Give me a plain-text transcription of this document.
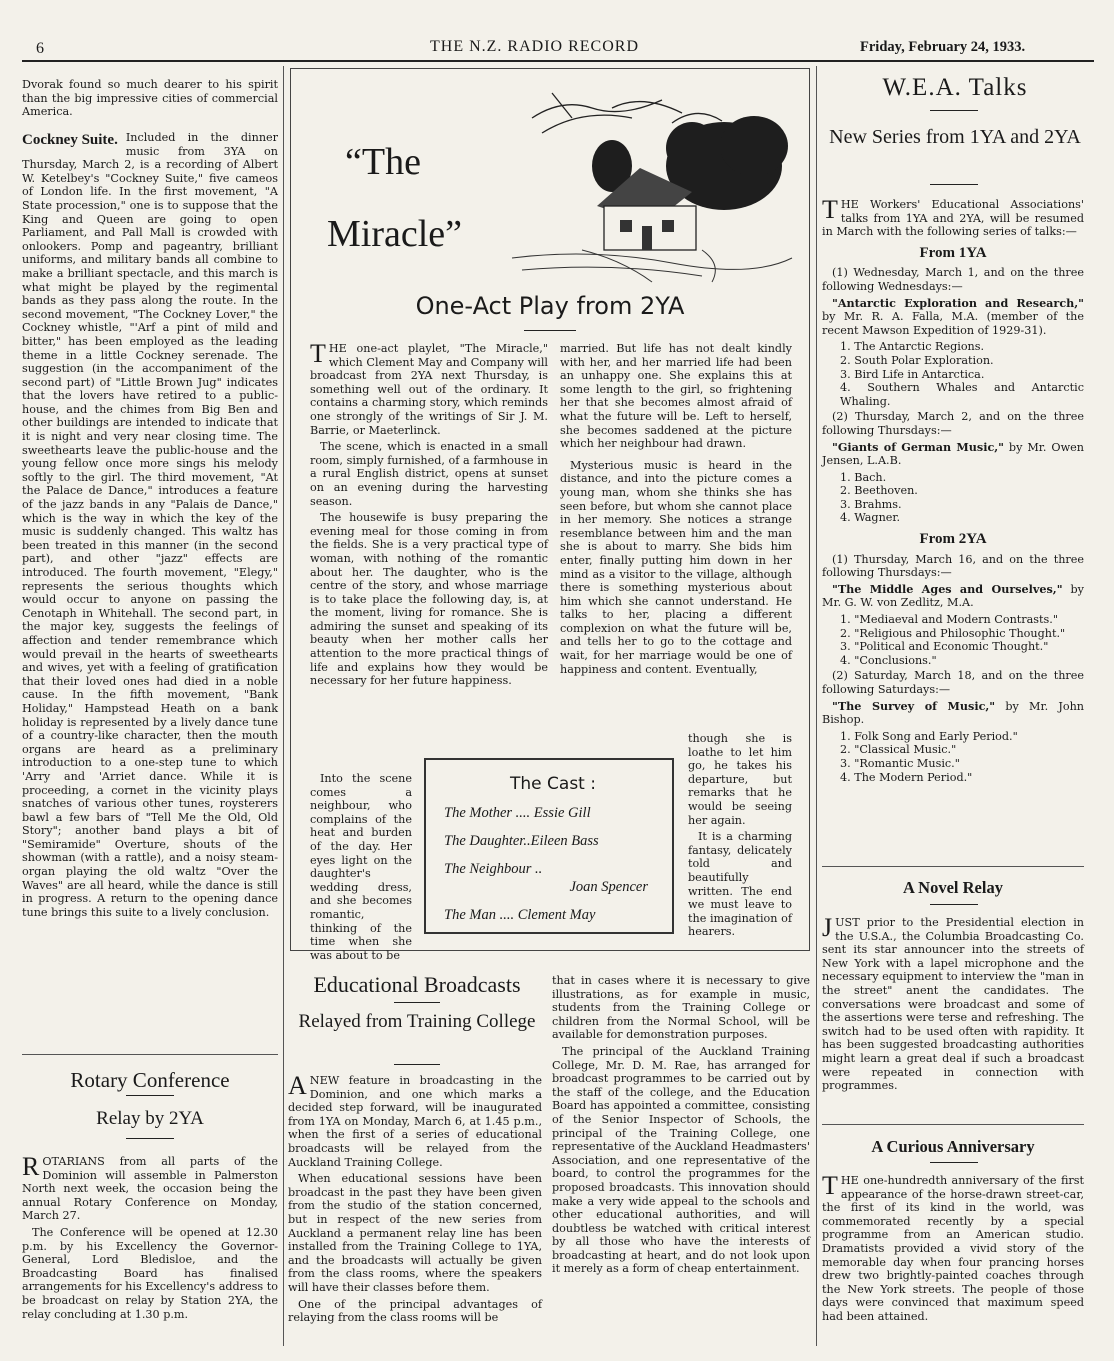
6	THE N.Z. RADIO RECORD	Friday, February 24, 1933.

Dvorak found so much dearer to his spirit than the big impressive cities of commercial America.

Cockney Suite. Included in the dinner music from 3YA on Thursday, March 2, is a recording of Albert W. Ketelbey's "Cockney Suite," five cameos of London life. In the first movement, "A State procession," one is to suppose that the King and Queen are going to open Parliament, and Pall Mall is crowded with onlookers. Pomp and pageantry, brilliant uniforms, and military bands all combine to make a brilliant spectacle, and this march is what might be played by the regimental bands as they pass along the route. In the second movement, "The Cockney Lover," the Cockney whistle, "'Arf a pint of mild and bitter," has been employed as the leading theme in a little Cockney serenade. The suggestion (in the accompaniment of the second part) of "Little Brown Jug" indicates that the lovers have retired to a public-house, and the chimes from Big Ben and other buildings are intended to indicate that it is night and very near closing time. The sweethearts leave the public-house and the young fellow once more sings his melody softly to the girl. The third movement, "At the Palace de Dance," introduces a feature of the jazz bands in any "Palais de Dance," which is the way in which the key of the music is suddenly changed. This waltz has been treated in this manner (in the second part), and other "jazz" effects are introduced. The fourth movement, "Elegy," represents the serious thoughts which would occur to anyone on passing the Cenotaph in Whitehall. The second part, in the major key, suggests the feelings of affection and tender remembrance which would prevail in the hearts of sweethearts and wives, yet with a feeling of gratification that their loved ones had died in a noble cause. In the fifth movement, "Bank Holiday," Hampstead Heath on a bank holiday is represented by a lively dance tune of a country-like character, then the mouth organs are heard as a preliminary introduction to a one-step tune to which 'Arry and 'Arriet dance. While it is proceeding, a cornet in the vicinity plays snatches of various other tunes, roysterers bawl a few bars of "Tell Me the Old, Old Story"; another band plays a bit of "Semiramide" Overture, shouts of the showman (with a rattle), and a noisy steam-organ playing the old waltz "Over the Waves" are all heard, while the dance is still in progress. A return to the opening dance tune brings this suite to a lively conclusion.

Rotary Conference
Relay by 2YA

ROTARIANS from all parts of the Dominion will assemble in Palmerston North next week, the occasion being the annual Rotary Conference on Monday, March 27.

The Conference will be opened at 12.30 p.m. by his Excellency the Governor-General, Lord Bledisloe, and the Broadcasting Board has finalised arrangements for his Excellency's address to be broadcast on relay by Station 2YA, the relay concluding at 1.30 p.m.

“The
Miracle”
One-Act Play from 2YA

THE one-act playlet, "The Miracle," which Clement May and Company will broadcast from 2YA next Thursday, is something well out of the ordinary. It contains a charming story, which reminds one strongly of the writings of Sir J. M. Barrie, or Maeterlinck.

The scene, which is enacted in a small room, simply furnished, of a farmhouse in a rural English district, opens at sunset on an evening during the harvesting season.

The housewife is busy preparing the evening meal for those coming in from the fields. She is a very practical type of woman, with nothing of the romantic about her. The daughter, who is the centre of the story, and whose marriage is to take place the following day, is, at the moment, living for romance. She is admiring the sunset and speaking of its beauty when her mother calls her attention to the more practical things of life and explains how they would be necessary for her future happiness.

Into the scene comes a neighbour, who complains of the heat and burden of the day. Her eyes light on the daughter's wedding dress, and she becomes romantic, thinking of the time when she was about to be

married. But life has not dealt kindly with her, and her married life had been an unhappy one. She explains this at some length to the girl, so frightening her that she becomes almost afraid of what the future will be. Left to herself, she becomes saddened at the picture which her neighbour had drawn.

Mysterious music is heard in the distance, and into the picture comes a young man, whom she thinks she has seen before, but whom she cannot place in her memory. She notices a strange resemblance between him and the man she is about to marry. She bids him enter, finally putting him down in her mind as a visitor to the village, although there is something mysterious about him which she cannot understand. He talks to her, placing a different complexion on what the future will be, and tells her to go to the cottage and wait, for her marriage would be one of happiness and content. Eventually,

though she is loathe to let him go, he takes his departure, but remarks that he would be seeing her again.

It is a charming fantasy, delicately told and beautifully written. The end we must leave to the imagination of hearers.

The Cast :
The Mother .... Essie Gill
The Daughter..Eileen Bass
The Neighbour ..
Joan Spencer
The Man .... Clement May
Educational Broadcasts
Relayed from Training College

ANEW feature in broadcasting in the Dominion, and one which marks a decided step forward, will be inaugurated from 1YA on Monday, March 6, at 1.45 p.m., when the first of a series of educational broadcasts will be relayed from the Auckland Training College.

When educational sessions have been broadcast in the past they have been given from the studio of the station concerned, but in respect of the new series from Auckland a permanent relay line has been installed from the Training College to 1YA, and the broadcasts will actually be given from the class rooms, where the speakers will have their classes before them.

One of the principal advantages of relaying from the class rooms will be

that in cases where it is necessary to give illustrations, as for example in music, students from the Training College or children from the Normal School, will be available for demonstration purposes.

The principal of the Auckland Training College, Mr. D. M. Rae, has arranged for broadcast programmes to be carried out by the staff of the college, and the Education Board has appointed a committee, consisting of the Senior Inspector of Schools, the principal of the Training College, one representative of the Auckland Headmasters' Association, and one representative of the board, to control the programmes for the proposed broadcasts. This innovation should make a very wide appeal to the schools and other educational authorities, and will doubtless be watched with critical interest by all those who have the interests of broadcasting at heart, and do not look upon it merely as a form of cheap entertainment.

W.E.A. Talks
New Series from 1YA and 2YA

THE Workers' Educational Associations' talks from 1YA and 2YA, will be resumed in March with the following series of talks:—

From 1YA

(1) Wednesday, March 1, and on the three following Wednesdays:—

"Antarctic Exploration and Research," by Mr. R. A. Falla, M.A. (member of the recent Mawson Expedition of 1929-31).

1. The Antarctic Regions.
2. South Polar Exploration.
3. Bird Life in Antarctica.
4. Southern Whales and Antarctic Whaling.

(2) Thursday, March 2, and on the three following Thursdays:—

"Giants of German Music," by Mr. Owen Jensen, L.A.B.

1. Bach.
2. Beethoven.
3. Brahms.
4. Wagner.
From 2YA

(1) Thursday, March 16, and on the three following Thursdays:—

"The Middle Ages and Ourselves," by Mr. G. W. von Zedlitz, M.A.

1. "Mediaeval and Modern Contrasts."
2. "Religious and Philosophic Thought."
3. "Political and Economic Thought."
4. "Conclusions."

(2) Saturday, March 18, and on the three following Saturdays:—

"The Survey of Music," by Mr. John Bishop.

1. Folk Song and Early Period."
2. "Classical Music."
3. "Romantic Music."
4. The Modern Period."
A Novel Relay

JUST prior to the Presidential election in the U.S.A., the Columbia Broadcasting Co. sent its star announcer into the streets of New York with a lapel microphone and the necessary equipment to interview the "man in the street" anent the candidates. The conversations were broadcast and some of the assertions were terse and refreshing. The switch had to be used often with rapidity. It has been suggested broadcasting authorities might learn a great deal if such a broadcast were repeated in connection with programmes.

A Curious Anniversary

THE one-hundredth anniversary of the first appearance of the horse-drawn street-car, the first of its kind in the world, was commemorated recently by a special programme from an American studio. Dramatists provided a vivid story of the memorable day when four prancing horses drew two brightly-painted coaches through the New York streets. The people of those days were convinced that maximum speed had been attained.
